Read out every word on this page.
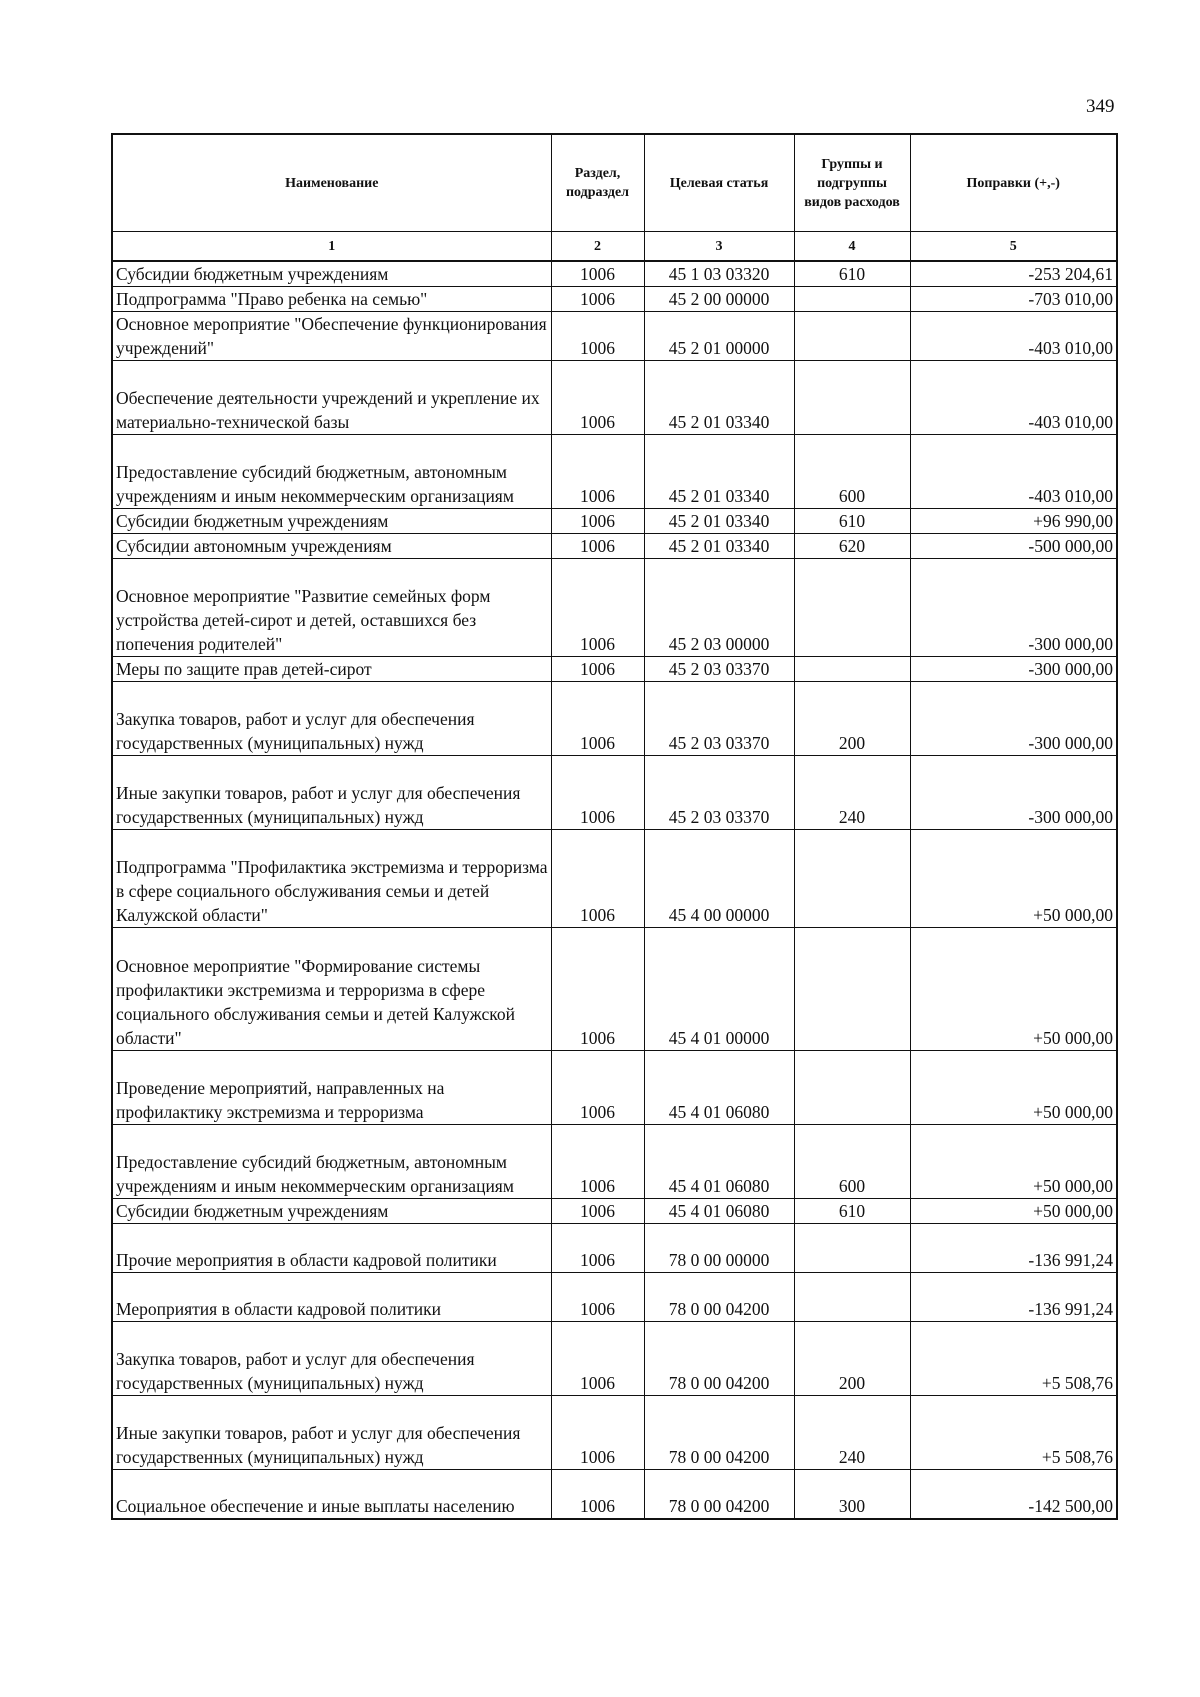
349
Наименование	Раздел, подраздел	Целевая статья	Группы и подгруппы видов расходов	Поправки (+,-)
1	2	3	4	5
Субсидии бюджетным учреждениям	1006	45 1 03 03320	610	-253 204,61
Подпрограмма "Право ребенка на семью"	1006	45 2 00 00000		-703 010,00
Основное мероприятие "Обеспечение функционирования учреждений"	1006	45 2 01 00000		-403 010,00
Обеспечение деятельности учреждений и укрепление их материально-технической базы	1006	45 2 01 03340		-403 010,00
Предоставление субсидий бюджетным, автономным учреждениям и иным некоммерческим организациям	1006	45 2 01 03340	600	-403 010,00
Субсидии бюджетным учреждениям	1006	45 2 01 03340	610	+96 990,00
Субсидии автономным учреждениям	1006	45 2 01 03340	620	-500 000,00
Основное мероприятие "Развитие семейных форм устройства детей-сирот и детей, оставшихся без попечения родителей"	1006	45 2 03 00000		-300 000,00
Меры по защите прав детей-сирот	1006	45 2 03 03370		-300 000,00
Закупка товаров, работ и услуг для обеспечения государственных (муниципальных) нужд	1006	45 2 03 03370	200	-300 000,00
Иные закупки товаров, работ и услуг для обеспечения государственных (муниципальных) нужд	1006	45 2 03 03370	240	-300 000,00
Подпрограмма "Профилактика экстремизма и терроризма в сфере социального обслуживания семьи и детей Калужской области"	1006	45 4 00 00000		+50 000,00
Основное мероприятие "Формирование системы профилактики экстремизма и терроризма в сфере социального обслуживания семьи и детей Калужской области"	1006	45 4 01 00000		+50 000,00
Проведение мероприятий, направленных на профилактику экстремизма и терроризма	1006	45 4 01 06080		+50 000,00
Предоставление субсидий бюджетным, автономным учреждениям и иным некоммерческим организациям	1006	45 4 01 06080	600	+50 000,00
Субсидии бюджетным учреждениям	1006	45 4 01 06080	610	+50 000,00
Прочие мероприятия в области кадровой политики	1006	78 0 00 00000		-136 991,24
Мероприятия в области кадровой политики	1006	78 0 00 04200		-136 991,24
Закупка товаров, работ и услуг для обеспечения государственных (муниципальных) нужд	1006	78 0 00 04200	200	+5 508,76
Иные закупки товаров, работ и услуг для обеспечения государственных (муниципальных) нужд	1006	78 0 00 04200	240	+5 508,76
Социальное обеспечение и иные выплаты населению	1006	78 0 00 04200	300	-142 500,00
